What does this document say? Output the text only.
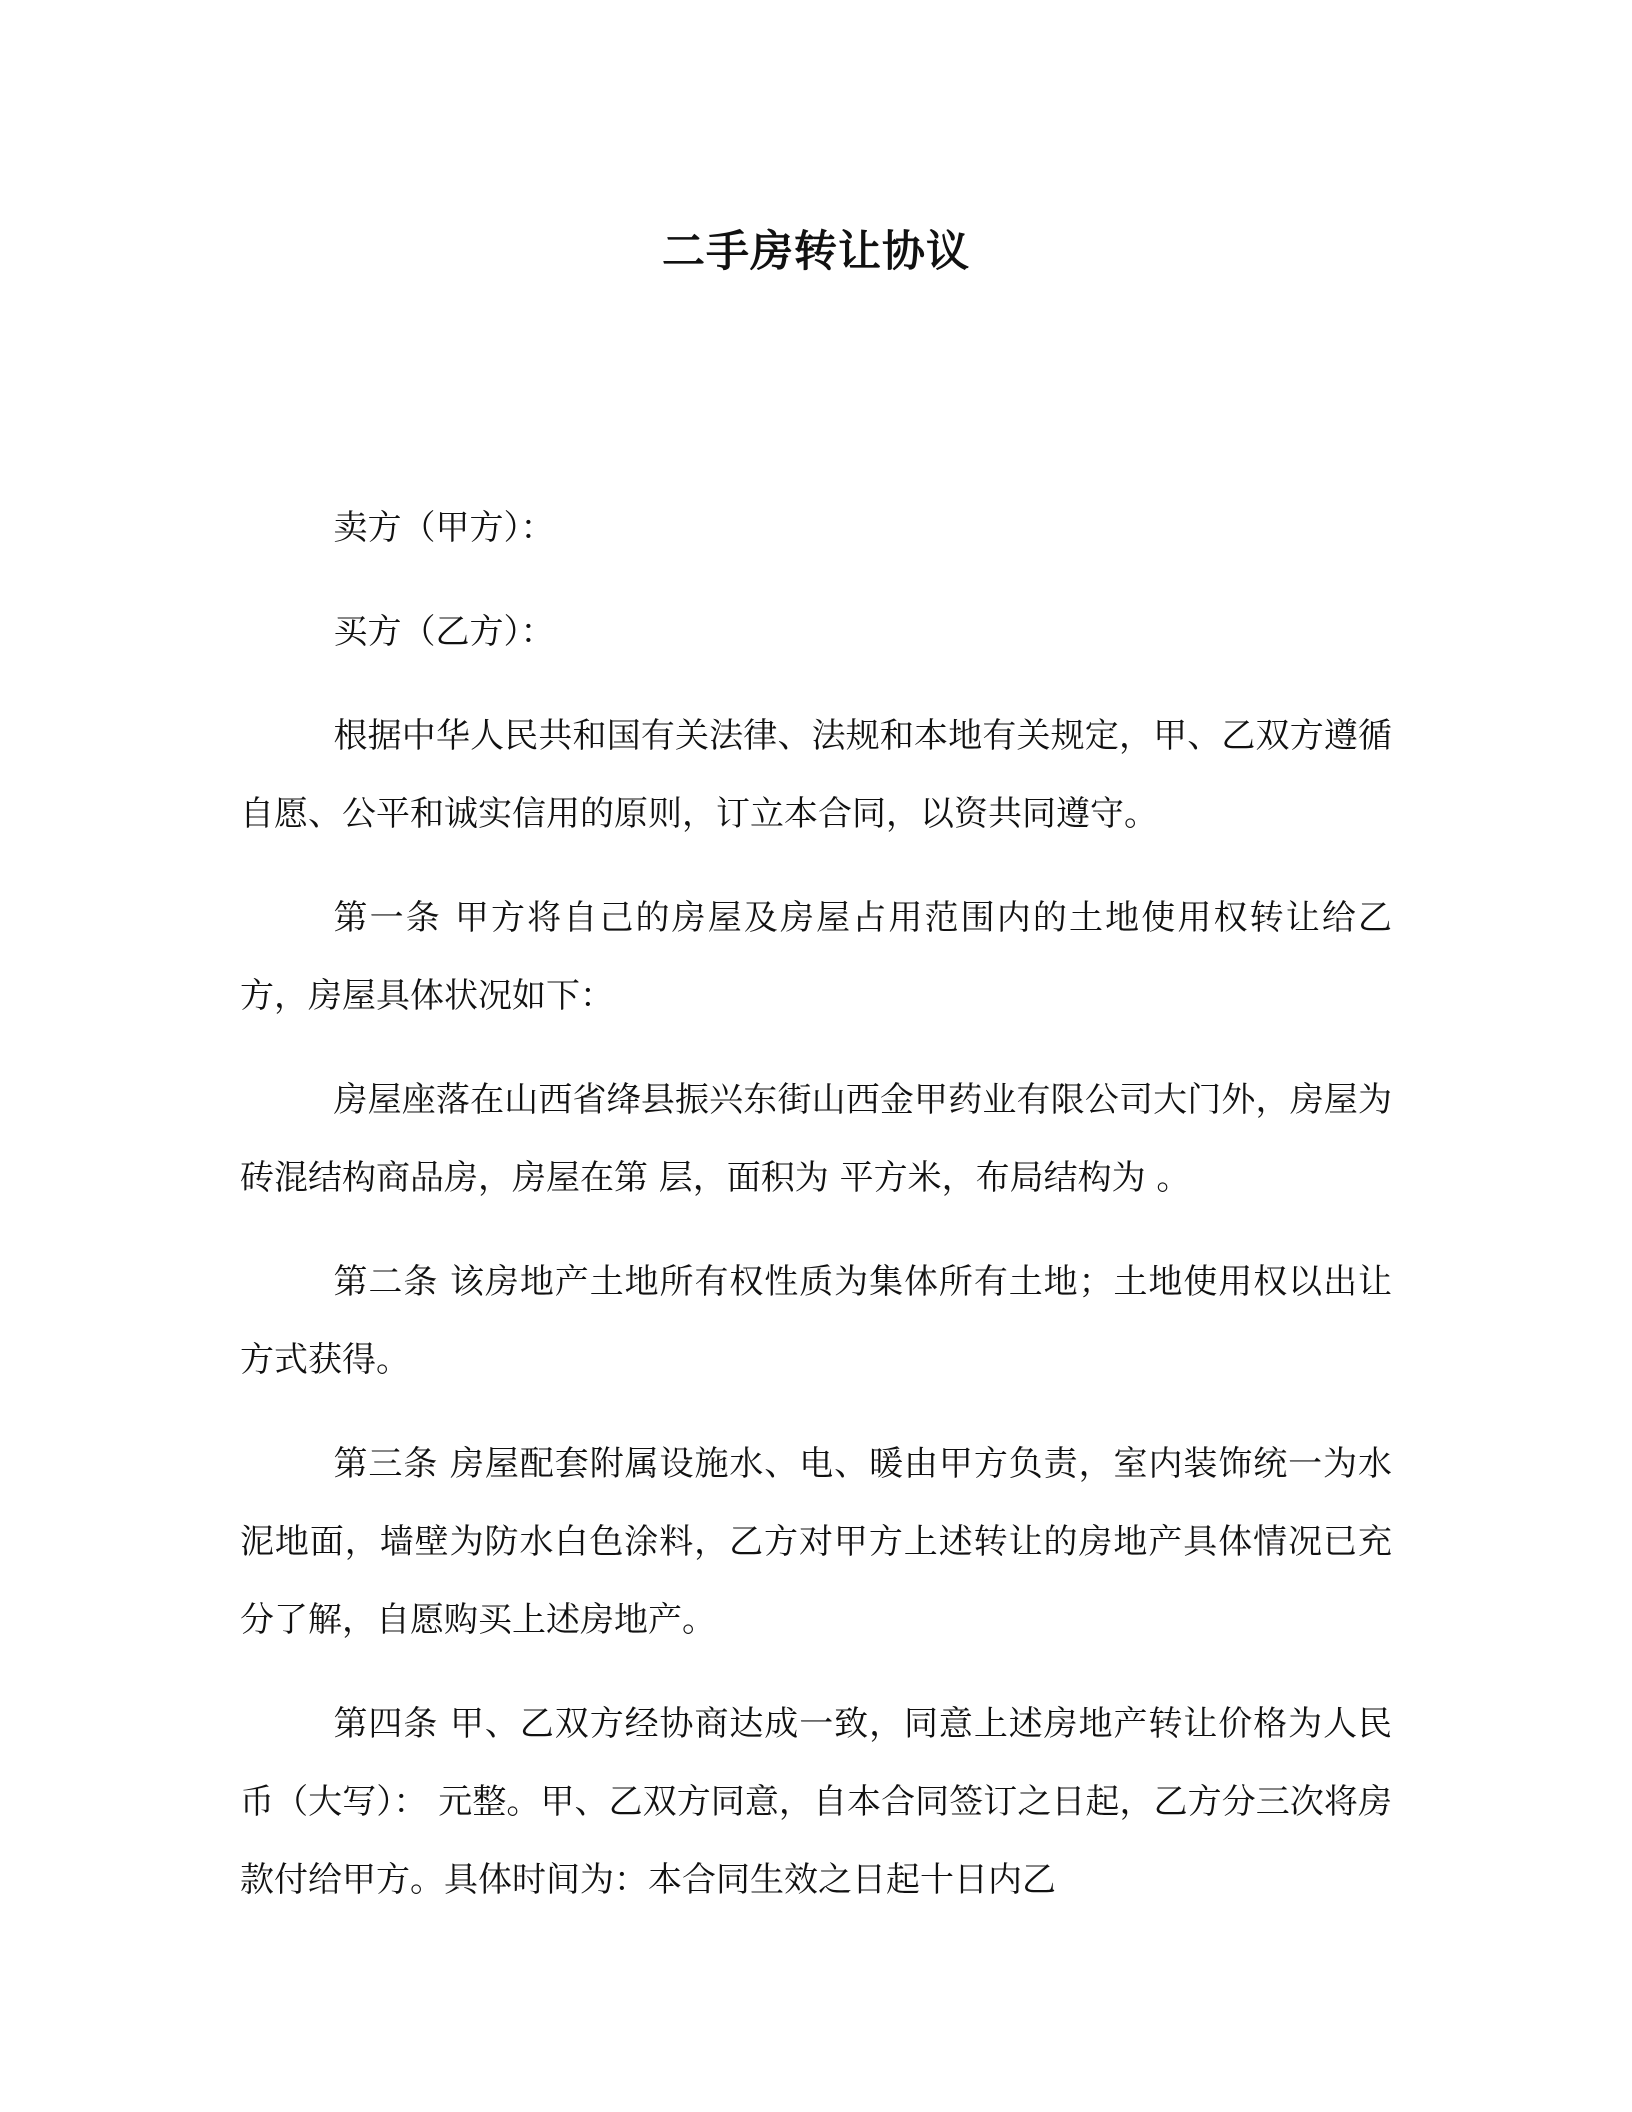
二手房转让协议

卖方（甲方）：

买方（乙方）：

根据中华人民共和国有关法律、法规和本地有关规定，甲、乙双方遵循自愿、公平和诚实信用的原则，订立本合同，以资共同遵守。

第一条 甲方将自己的房屋及房屋占用范围内的土地使用权转让给乙方，房屋具体状况如下：

房屋座落在山西省绛县振兴东街山西金甲药业有限公司大门外，房屋为砖混结构商品房，房屋在第 层，面积为 平方米，布局结构为 。

第二条 该房地产土地所有权性质为集体所有土地；土地使用权以出让方式获得。

第三条 房屋配套附属设施水、电、暖由甲方负责，室内装饰统一为水泥地面，墙壁为防水白色涂料，乙方对甲方上述转让的房地产具体情况已充分了解，自愿购买上述房地产。

第四条 甲、乙双方经协商达成一致，同意上述房地产转让价格为人民币（大写）： 元整。甲、乙双方同意，自本合同签订之日起，乙方分三次将房款付给甲方。具体时间为：本合同生效之日起十日内乙
